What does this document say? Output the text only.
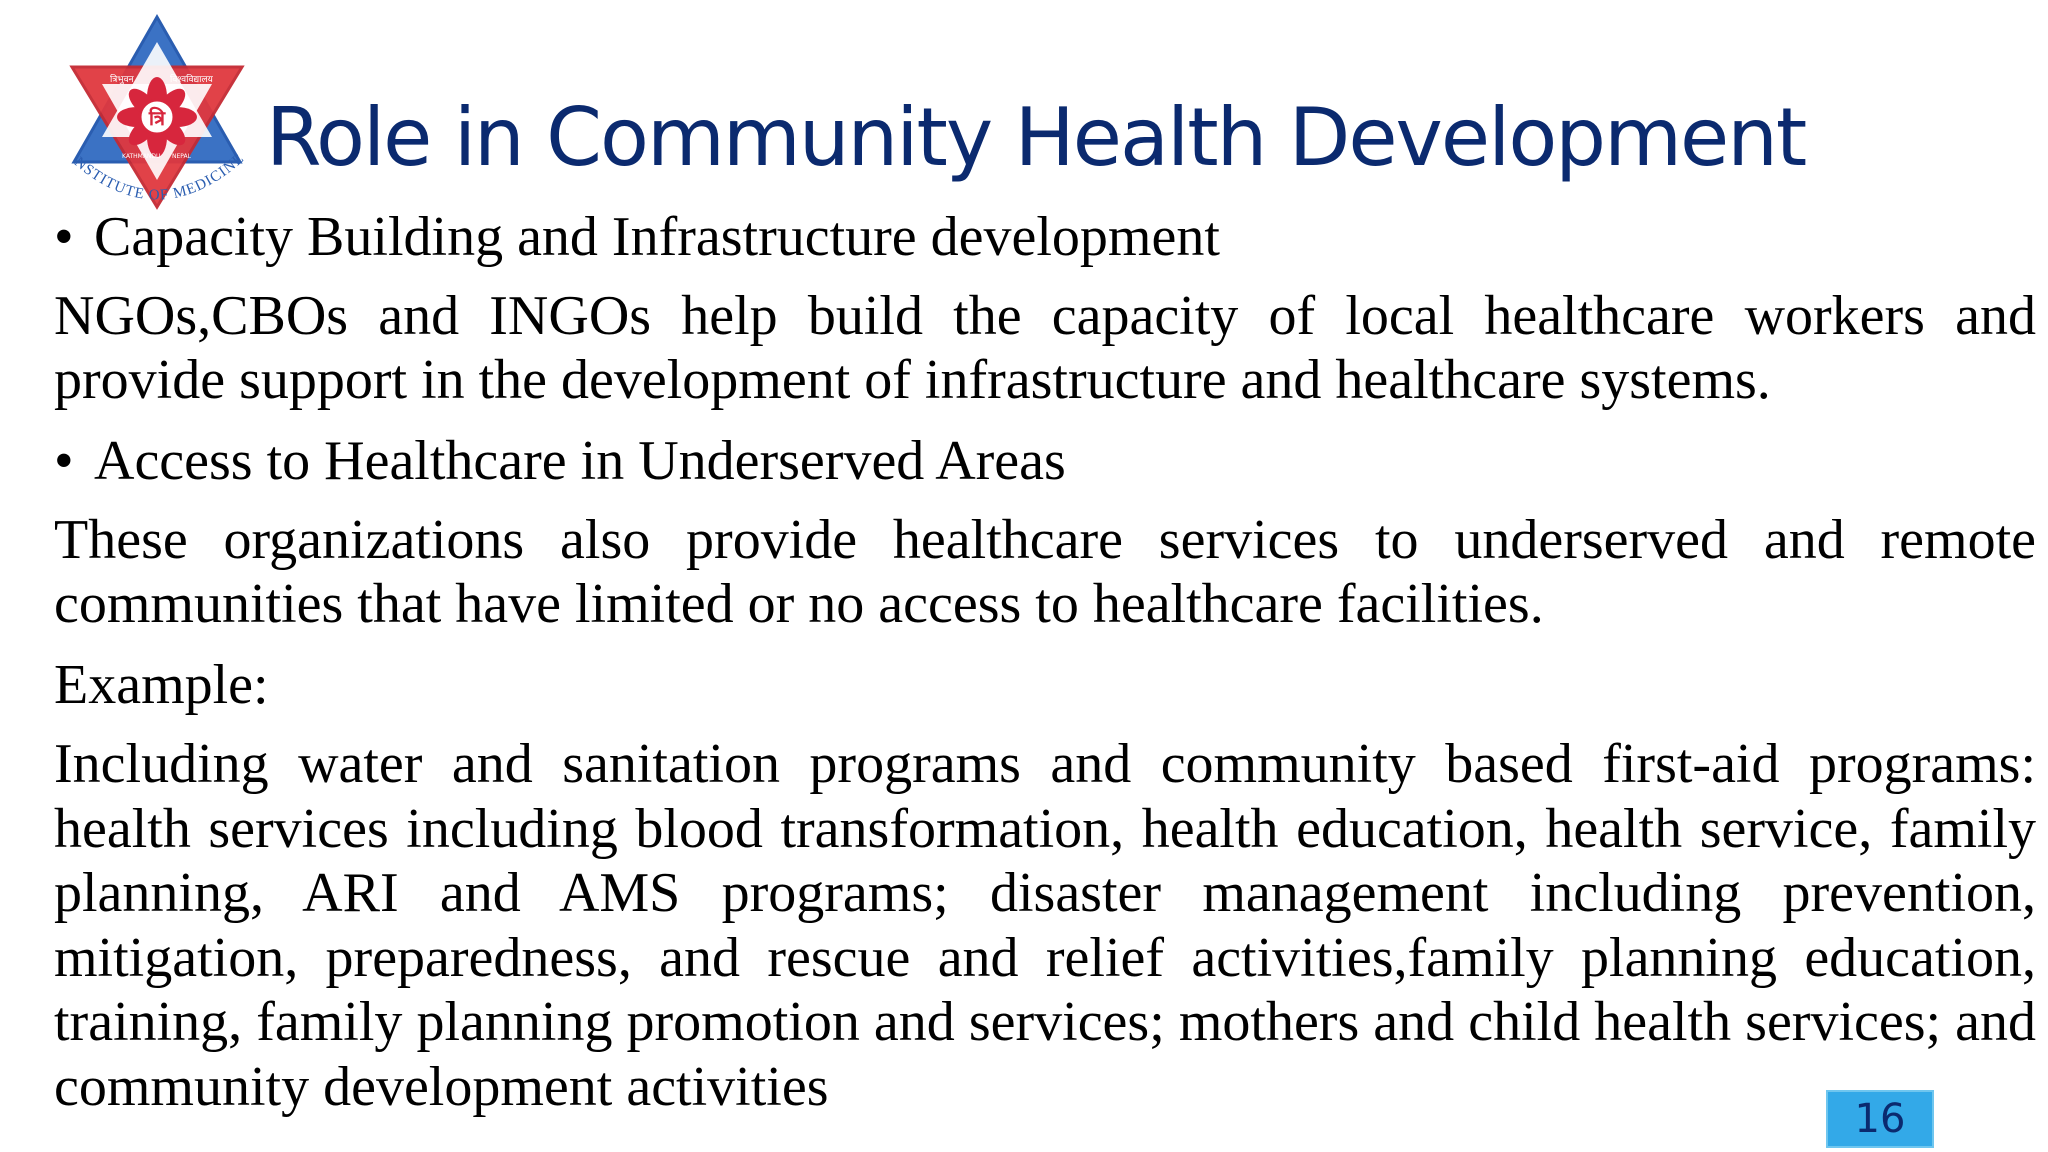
त्रि
त्रिभुवन	विश्वविद्यालय
KATHMANDU NEPAL
NSTITUTE OF MEDICINE Role in Community Health Development

• Capacity Building and Infrastructure development

NGOs,CBOs and INGOs help build the capacity of local healthcare workers and provide support in the development of infrastructure and healthcare systems.

• Access to Healthcare in Underserved Areas

These organizations also provide healthcare services to underserved and remote communities that have limited or no access to healthcare facilities.

Example:

Including water and sanitation programs and community based first-aid programs: health services including blood transformation, health education, health service, family planning, ARI and AMS programs; disaster management including prevention, mitigation, preparedness, and rescue and relief activities,family planning education, training, family planning promotion and services; mothers and child health services; and community development activities

16
